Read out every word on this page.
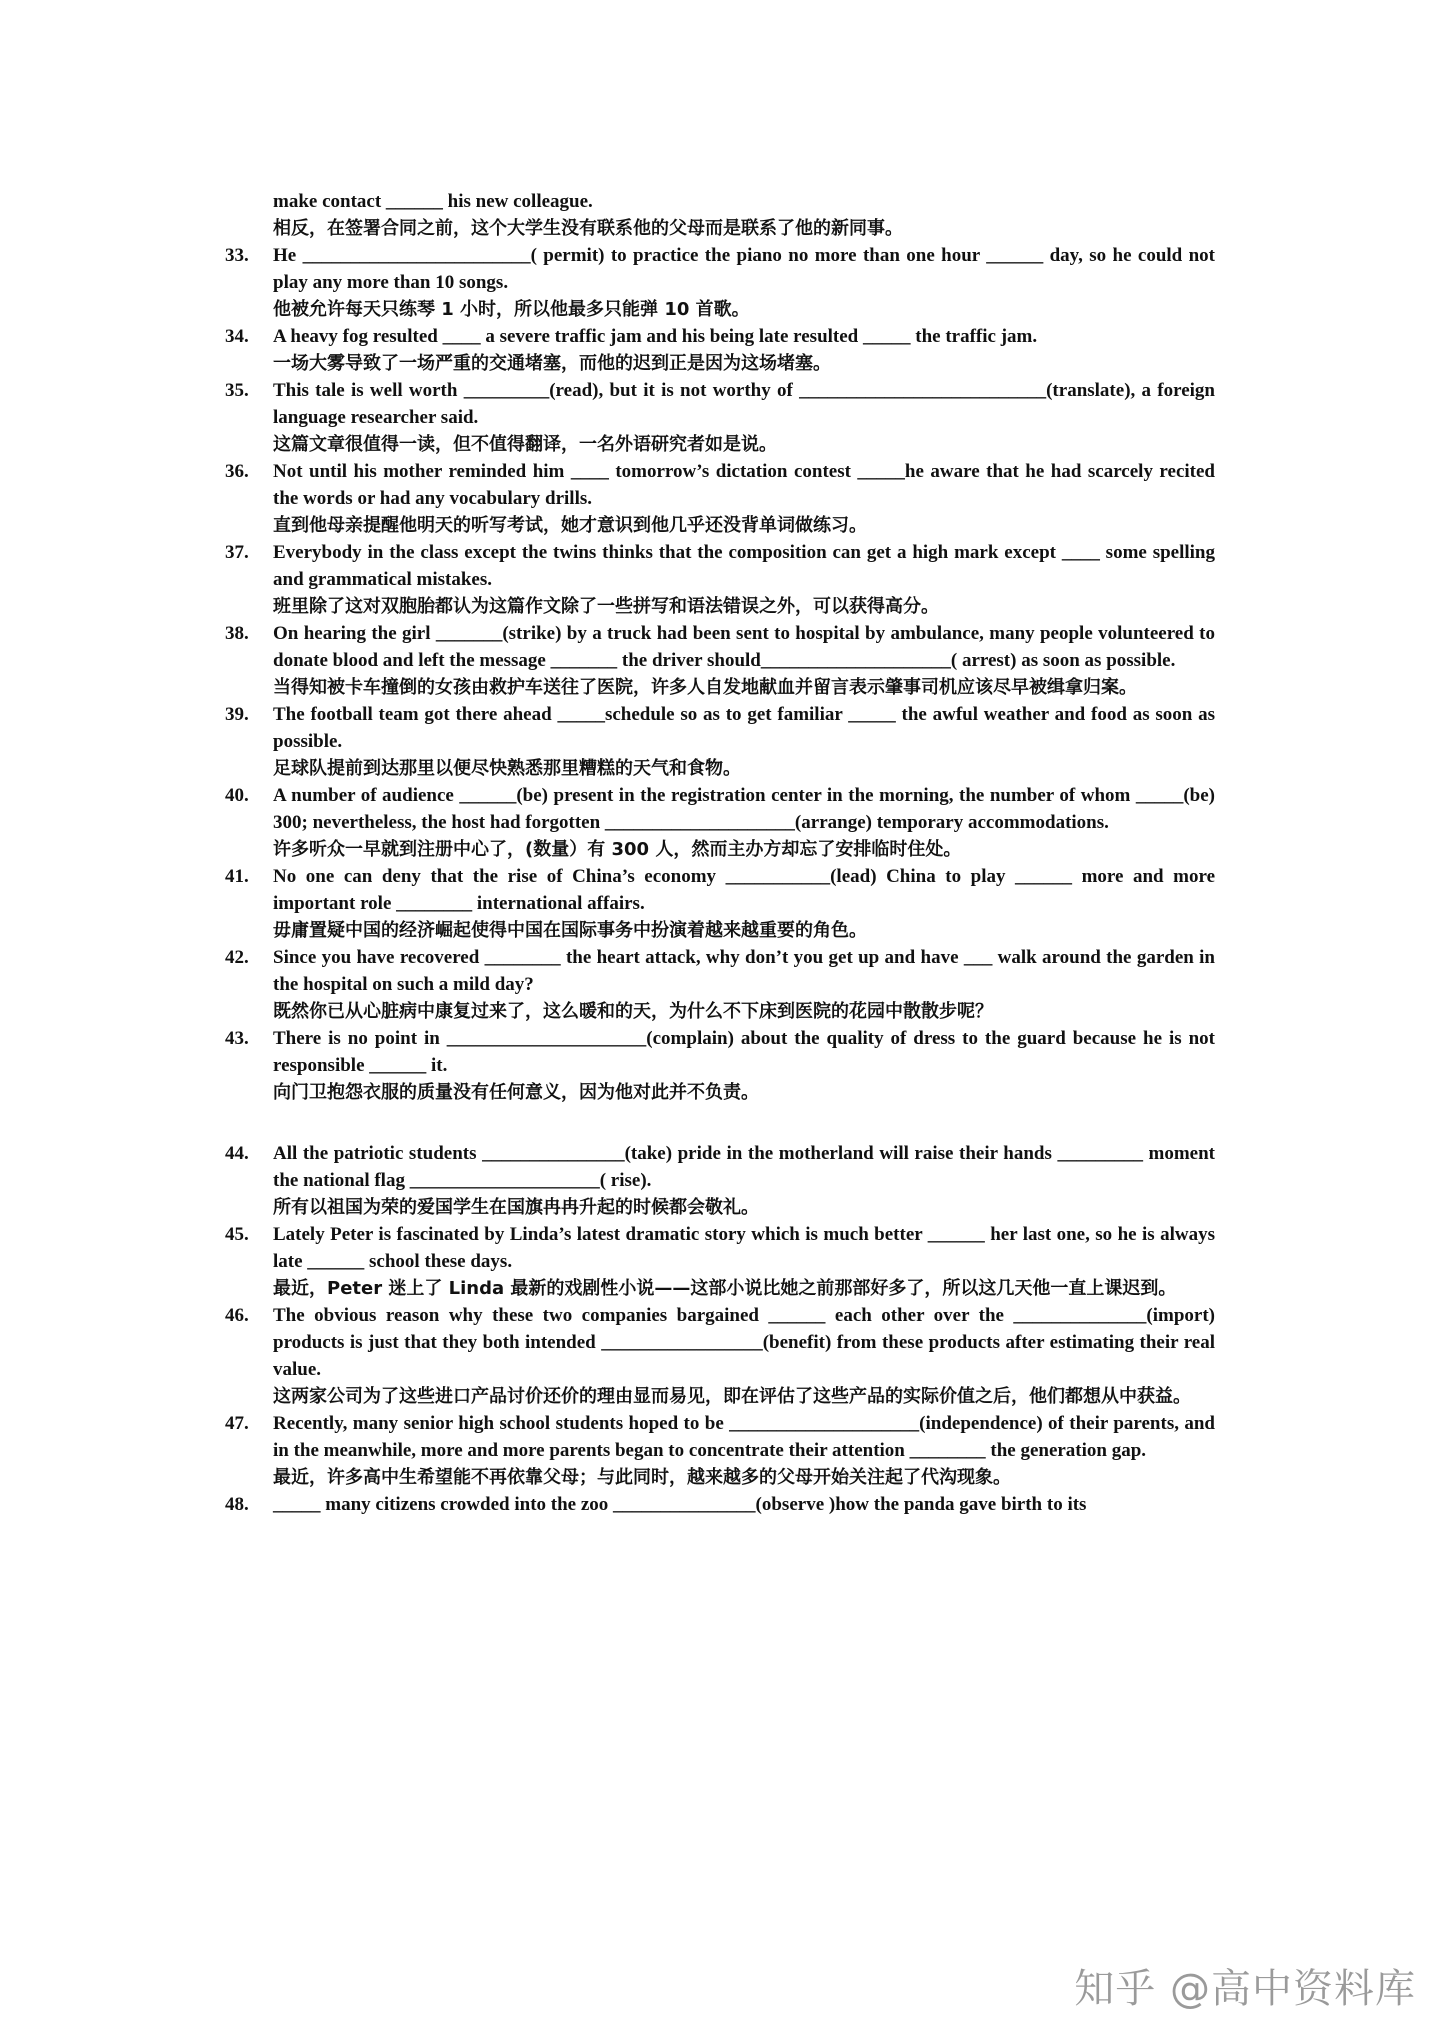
make contact ______ his new colleague.
相反，在签署合同之前，这个大学生没有联系他的父母而是联系了他的新同事。
33. He ________________________( permit) to practice the piano no more than one hour ______ day, so he could not play any more than 10 songs.
他被允许每天只练琴 1 小时，所以他最多只能弹 10 首歌。
34. A heavy fog resulted ____ a severe traffic jam and his being late resulted _____ the traffic jam.
一场大雾导致了一场严重的交通堵塞，而他的迟到正是因为这场堵塞。
35. This tale is well worth _________(read), but it is not worthy of __________________________(translate), a foreign language researcher said.
这篇文章很值得一读，但不值得翻译，一名外语研究者如是说。
36. Not until his mother reminded him ____ tomorrow’s dictation contest _____he aware that he had scarcely recited the words or had any vocabulary drills.
直到他母亲提醒他明天的听写考试，她才意识到他几乎还没背单词做练习。
37. Everybody in the class except the twins thinks that the composition can get a high mark except ____ some spelling and grammatical mistakes.
班里除了这对双胞胎都认为这篇作文除了一些拼写和语法错误之外，可以获得高分。
38. On hearing the girl _______(strike) by a truck had been sent to hospital by ambulance, many people volunteered to donate blood and left the message _______ the driver should____________________( arrest) as soon as possible.
当得知被卡车撞倒的女孩由救护车送往了医院，许多人自发地献血并留言表示肇事司机应该尽早被缉拿归案。
39. The football team got there ahead _____schedule so as to get familiar _____ the awful weather and food as soon as possible.
足球队提前到达那里以便尽快熟悉那里糟糕的天气和食物。
40. A number of audience ______(be) present in the registration center in the morning, the number of whom _____(be) 300; nevertheless, the host had forgotten ____________________(arrange) temporary accommodations.
许多听众一早就到注册中心了，(数量）有 300 人，然而主办方却忘了安排临时住处。
41. No one can deny that the rise of China’s economy ___________(lead) China to play ______ more and more important role ________ international affairs.
毋庸置疑中国的经济崛起使得中国在国际事务中扮演着越来越重要的角色。
42. Since you have recovered ________ the heart attack, why don’t you get up and have ___ walk around the garden in the hospital on such a mild day?
既然你已从心脏病中康复过来了，这么暖和的天，为什么不下床到医院的花园中散散步呢？
43. There is no point in _____________________(complain) about the quality of dress to the guard because he is not responsible ______ it.
向门卫抱怨衣服的质量没有任何意义，因为他对此并不负责。
44. All the patriotic students _______________(take) pride in the motherland will raise their hands _________ moment the national flag ____________________( rise).
所有以祖国为荣的爱国学生在国旗冉冉升起的时候都会敬礼。
45. Lately Peter is fascinated by Linda’s latest dramatic story which is much better ______ her last one, so he is always late ______ school these days.
最近，Peter 迷上了 Linda 最新的戏剧性小说——这部小说比她之前那部好多了，所以这几天他一直上课迟到。
46. The obvious reason why these two companies bargained ______ each other over the ______________(import) products is just that they both intended _________________(benefit) from these products after estimating their real value.
这两家公司为了这些进口产品讨价还价的理由显而易见，即在评估了这些产品的实际价值之后，他们都想从中获益。
47. Recently, many senior high school students hoped to be ____________________(independence) of their parents, and in the meanwhile, more and more parents began to concentrate their attention ________ the generation gap.
最近，许多高中生希望能不再依靠父母；与此同时，越来越多的父母开始关注起了代沟现象。
48. _____ many citizens crowded into the zoo _______________(observe )how the panda gave birth to its
知乎 @高中资料库
